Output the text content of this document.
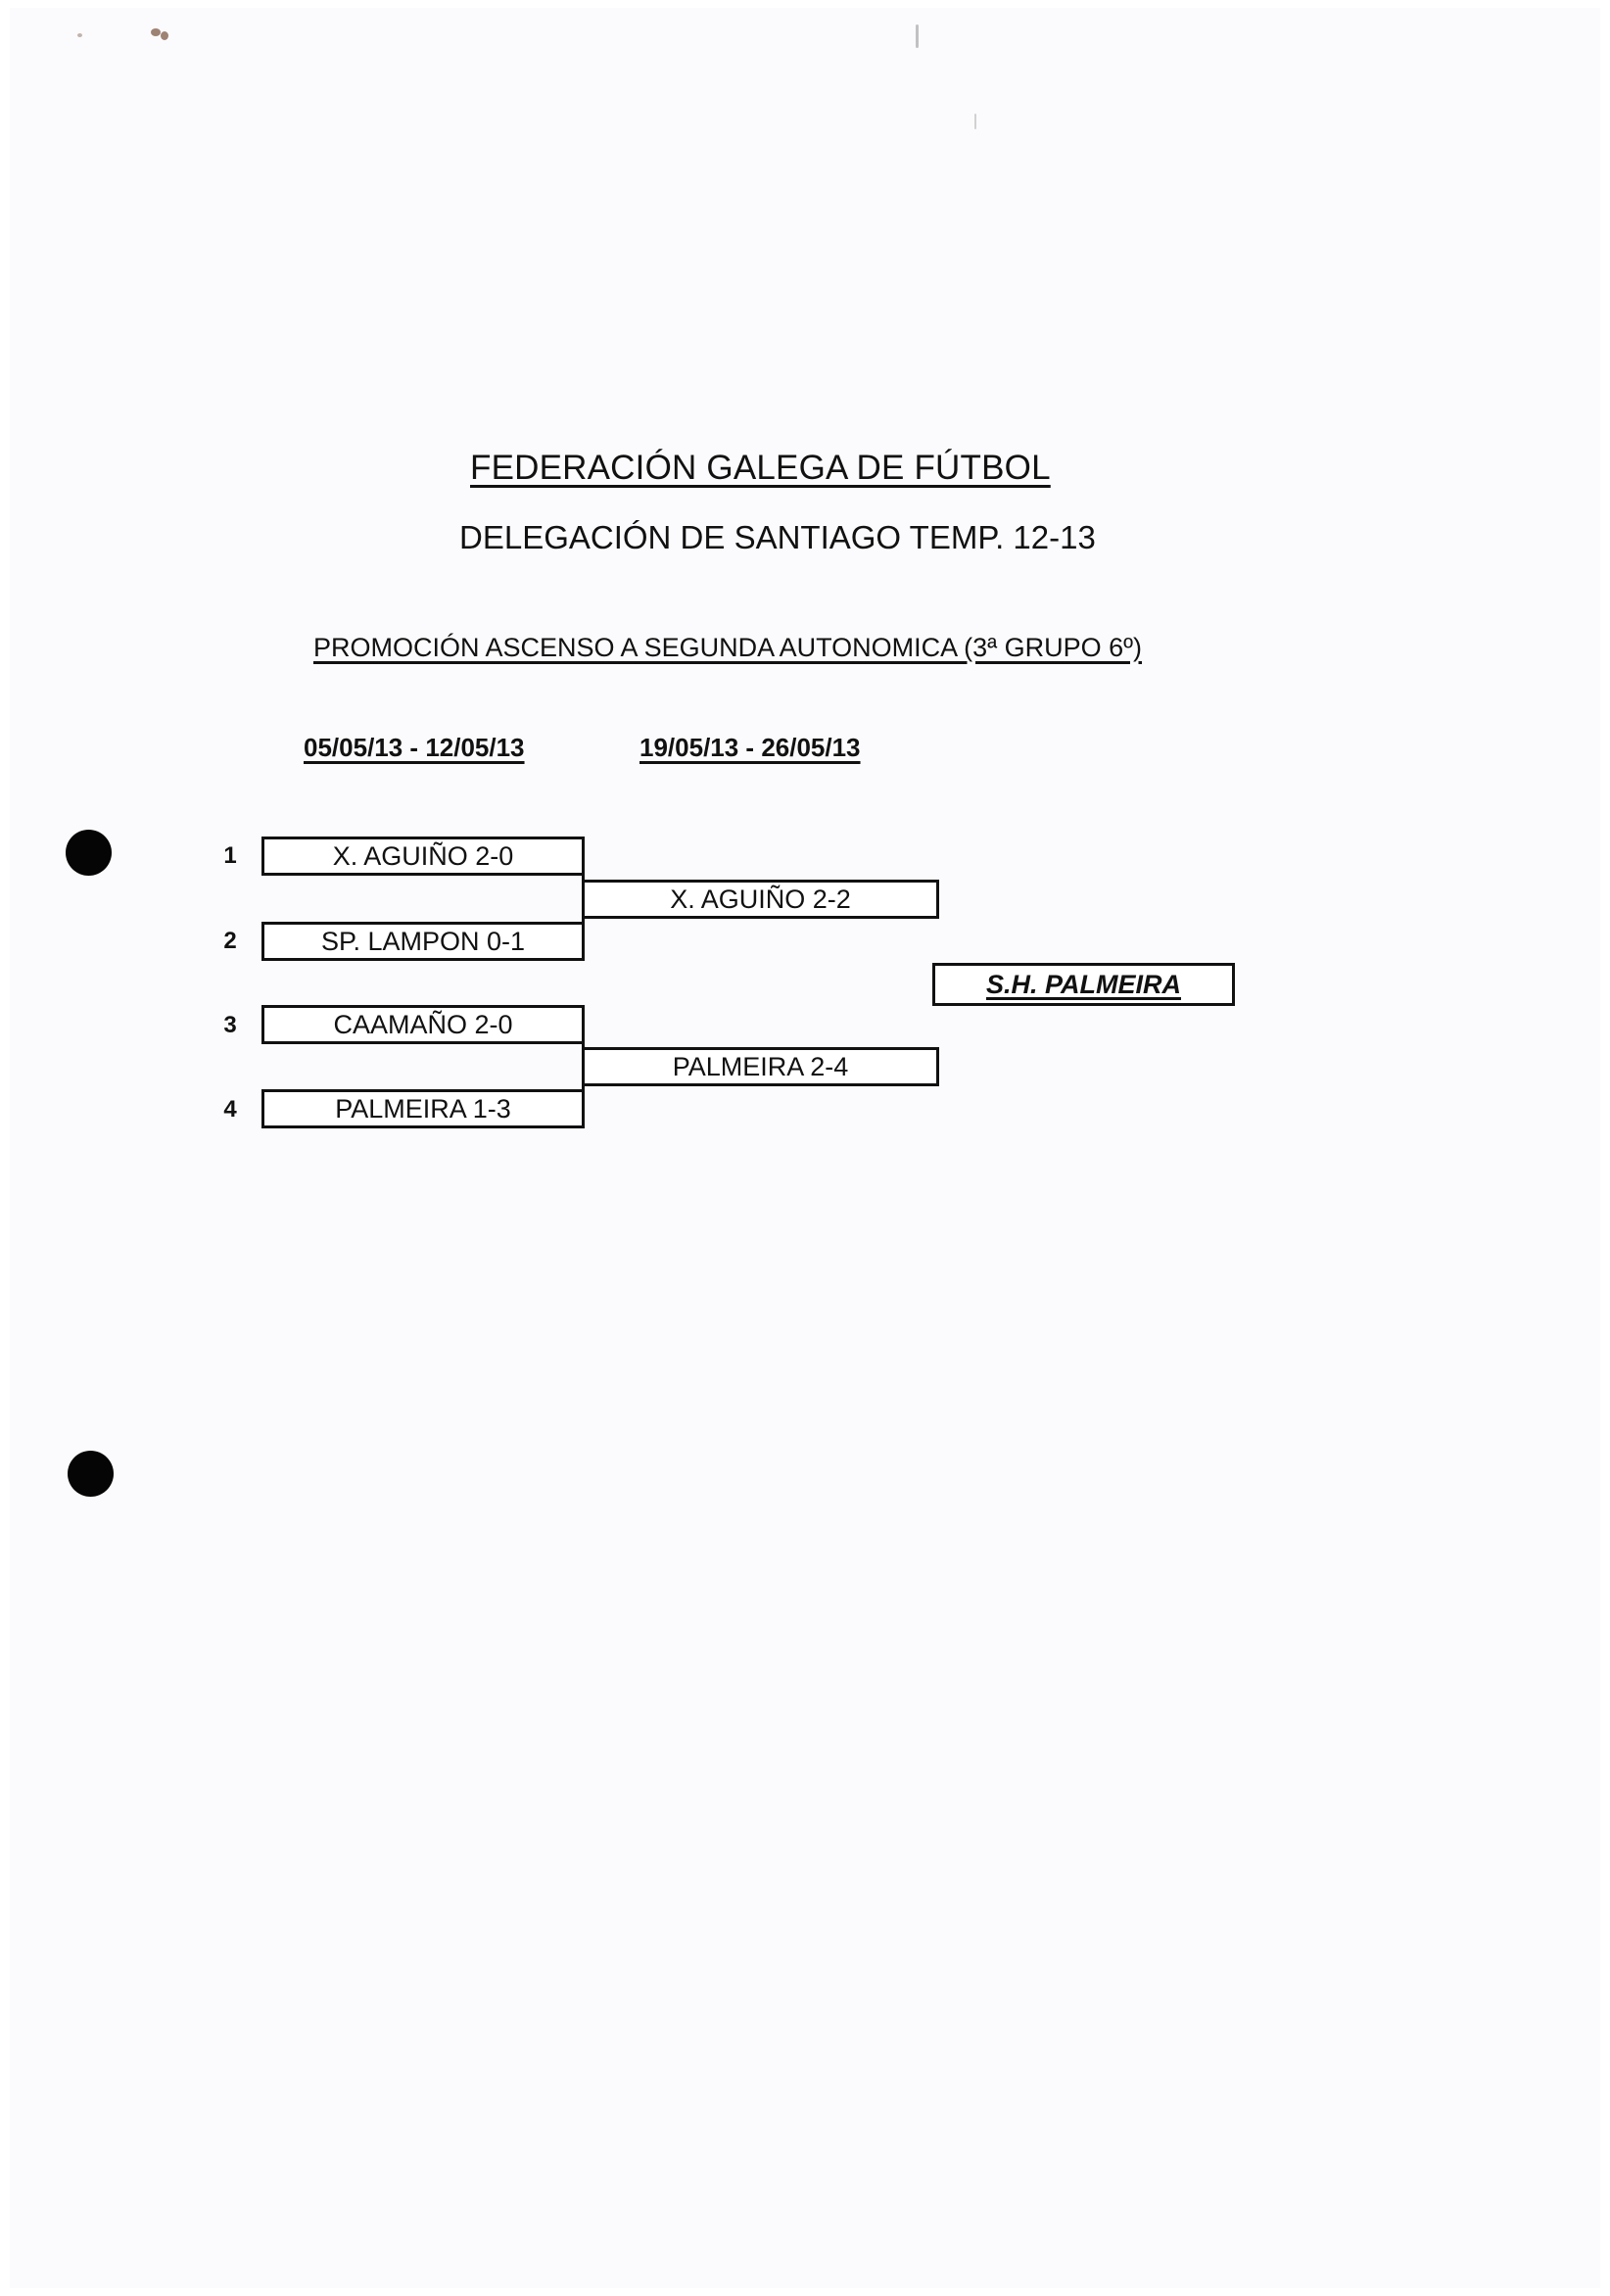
FEDERACIÓN GALEGA DE FÚTBOL
DELEGACIÓN DE SANTIAGO TEMP. 12-13
PROMOCIÓN ASCENSO A SEGUNDA AUTONOMICA (3ª GRUPO 6º)
05/05/13 - 12/05/13	19/05/13 - 26/05/13
1
2
3
4
X. AGUIÑO 2-0
SP. LAMPON 0-1
CAAMAÑO 2-0
PALMEIRA 1-3
X. AGUIÑO 2-2
PALMEIRA 2-4
S.H. PALMEIRA
